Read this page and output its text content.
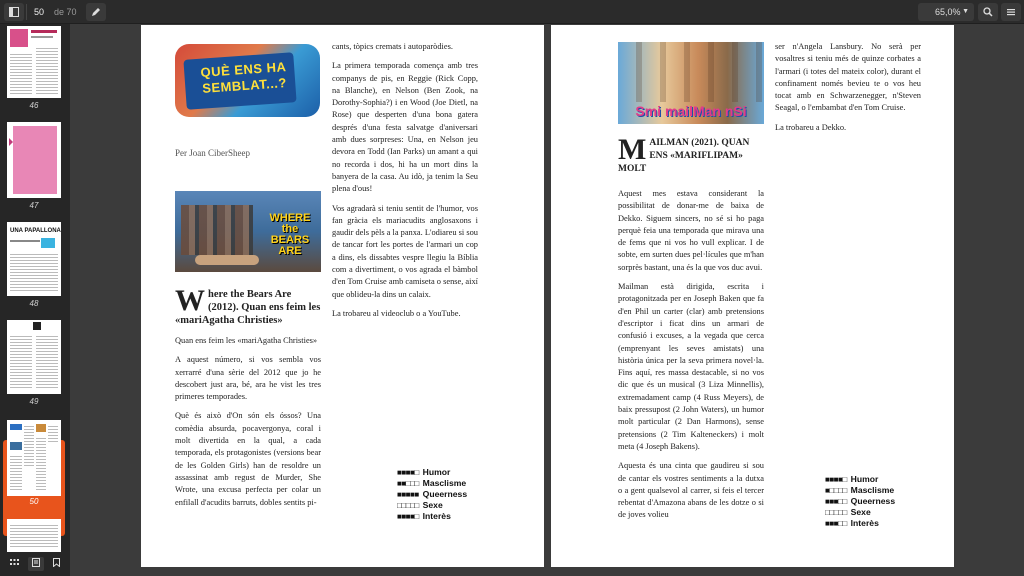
50	de 70	65,0% ▼
46
47
UNA PAPALLONA
48
49
50
QUÈ ENS HA SEMBLAT...?
Per Joan CiberSheep
WHERE the BEARS ARE
Where the Bears Are (2012). Quan ens feim les «mariAgatha Christies»

Quan ens feim les «mariAgatha Christies»

A aquest número, si vos sembla vos xerrarré d'una sèrie del 2012 que jo he descobert just ara, bé, ara he vist les tres primeres temporades.

Què és això d'On són els óssos? Una comèdia absurda, pocavergonya, coral i molt divertida en la qual, a cada temporada, els protagonistes (versions bear de les Golden Girls) han de resoldre un assassinat amb regust de Murder, She Wrote, una excusa perfecta per colar un enfilall d'acudits barruts, dobles sentits pi-

cants, tòpics cremats i autoparòdies.

La primera temporada comença amb tres companys de pis, en Reggie (Rick Copp, na Blanche), en Nelson (Ben Zook, na Dorothy-Sophia?) i en Wood (Joe Dietl, na Rose) que desperten d'una bona gatera després d'una festa salvatge d'aniversari amb dues sorpreses: Una, en Nelson jeu devora en Todd (Ian Parks) un amant a qui no recorda i dos, hi ha un mort dins la banyera de la casa. Au idò, ja tenim la Seu plena d'ous!

Vos agradarà si teniu sentit de l'humor, vos fan gràcia els mariacudits anglosaxons i gaudir dels pèls a la panxa. L'odiareu si sou de tancar fort les portes de l'armari un cop a dins, els dissabtes vespre llegiu la Bíblia com a divertiment, o vos agrada el bàmbol d'en Tom Cruise amb camiseta o sense, així que oblideu-la dins un calaix.

La trobareu al videoclub o a YouTube.

■■■■□ Humor
■■□□□ Masclisme
■■■■■ Queerness
□□□□□ Sexe
■■■■□ Interès
Smi mailMan nSi
MAILMAN (2021). QUAN ENS «MARIFLIPAM» MOLT

Aquest mes estava considerant la possibilitat de donar-me de baixa de Dekko. Siguem sincers, no sé si ho paga perquè feia una temporada que mirava una de fems que ni vos ho vull explicar. I de sobte, em surten dues pel·lícules que m'han sorprès bastant, una és la que vos duc avui.

Mailman està dirigida, escrita i protagonitzada per en Joseph Baken que fa d'en Phil un carter (clar) amb pretensions d'escriptor i ficat dins un armari de confusió i excuses, a la vegada que cerca (emprenyant les seves amistats) una història única per la seva primera novel·la. Fins aquí, res massa destacable, si no vos dic que és un musical (3 Liza Minnellis), extremadament camp (4 Russ Meyers), de baix pressupost (2 John Waters), un humor molt particular (2 Dan Harmons), sense pretensions (2 Tim Kalteneckers) i molt meta (4 Joseph Bakens).

Aquesta és una cinta que gaudireu si sou de cantar els vostres sentiments a la dutxa o a gent qualsevol al carrer, si feis el tercer rebentat d'Amazona abans de les dotze o si de joves volieu

ser n'Angela Lansbury. No serà per vosaltres si teniu més de quinze corbates a l'armari (i totes del mateix color), durant el confinament només bevieu te o vos heu tocat amb en Schwarzenegger, n'Steven Seagal, o l'embambat d'en Tom Cruise.

La trobareu a Dekko.

■■■■□ Humor
■□□□□ Masclisme
■■■□□ Queerness
□□□□□ Sexe
■■■□□ Interès
